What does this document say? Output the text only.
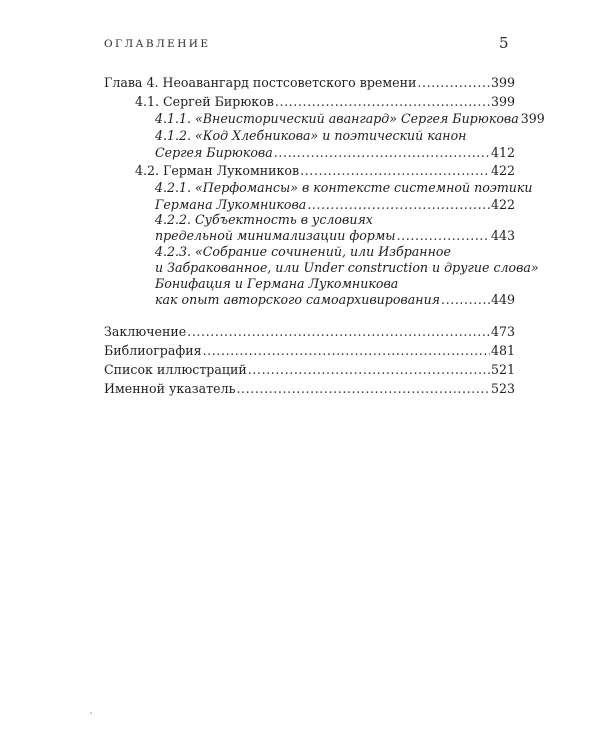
ОГЛАВЛЕНИЕ	5
Глава 4. Неоавангард постсоветского времени .....	399
4.1. Сергей Бирюков .....	399
4.1.1. «Внеисторический авангард» Сергея Бирюкова 399
4.1.2. «Код Хлебникова» и поэтический канон
Сергея Бирюкова .....	412
4.2. Герман Лукомников .....	422
4.2.1. «Перфомансы» в контексте системной поэтики
Германа Лукомникова .....	422
4.2.2. Субъектность в условиях
предельной минимализации формы .....	443
4.2.3. «Собрание сочинений, или Избранное
и Забракованное, или Under construction и другие слова»
Бонифация и Германа Лукомникова
как опыт авторского самоархивирования .....	449
Заключение .....	473
Библиография .....	481
Список иллюстраций .....	521
Именной указатель .....	523
